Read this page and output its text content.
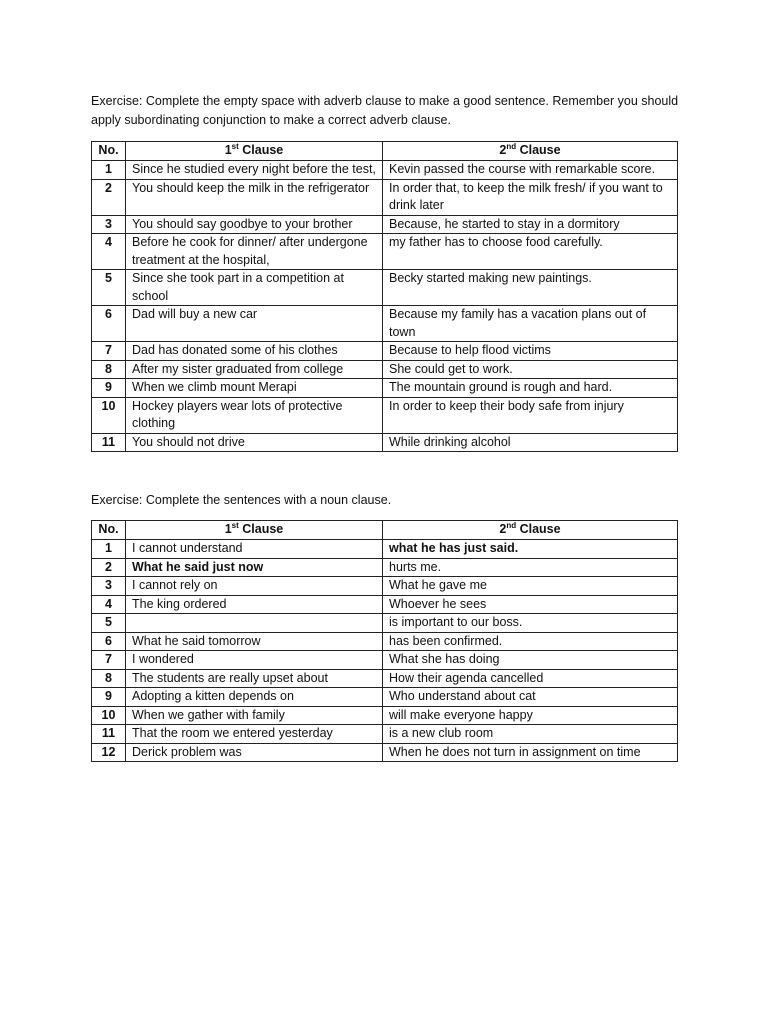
Exercise: Complete the empty space with adverb clause to make a good sentence. Remember you should apply subordinating conjunction to make a correct adverb clause.

No.	1st Clause	2nd Clause
1	Since he studied every night before the test,	Kevin passed the course with remarkable score.
2	You should keep the milk in the refrigerator	In order that, to keep the milk fresh/ if you want to drink later
3	You should say goodbye to your brother	Because, he started to stay in a dormitory
4	Before he cook for dinner/ after undergone treatment at the hospital,	my father has to choose food carefully.
5	Since she took part in a competition at school	Becky started making new paintings.
6	Dad will buy a new car	Because my family has a vacation plans out of town
7	Dad has donated some of his clothes	Because to help flood victims
8	After my sister graduated from college	She could get to work.
9	When we climb mount Merapi	The mountain ground is rough and hard.
10	Hockey players wear lots of protective clothing	In order to keep their body safe from injury
11	You should not drive	While drinking alcohol

Exercise: Complete the sentences with a noun clause.

No.	1st Clause	2nd Clause
1	I cannot understand	what he has just said.
2	What he said just now	hurts me.
3	I cannot rely on	What he gave me
4	The king ordered	Whoever he sees
5		is important to our boss.
6	What he said tomorrow	has been confirmed.
7	I wondered	What she has doing
8	The students are really upset about	How their agenda cancelled
9	Adopting a kitten depends on	Who understand about cat
10	When we gather with family	will make everyone happy
11	That the room we entered yesterday	is a new club room
12	Derick problem was	When he does not turn in assignment on time
